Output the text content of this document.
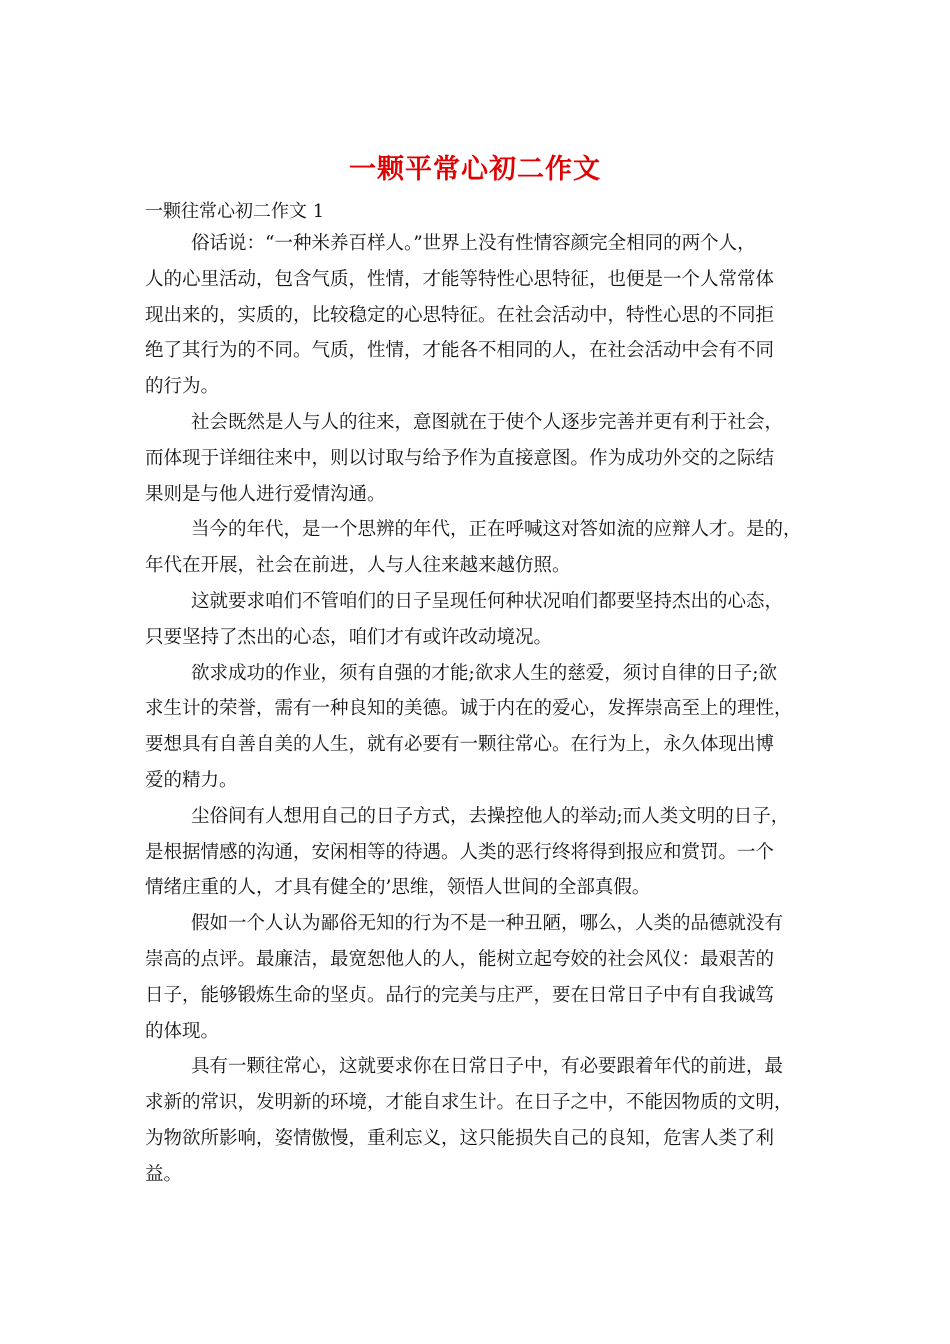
一颗平常心初二作文
一颗往常心初二作文 1
俗话说：“一种米养百样人。”世界上没有性情容颜完全相同的两个人，
人的心里活动，包含气质，性情，才能等特性心思特征，也便是一个人常常体
现出来的，实质的，比较稳定的心思特征。在社会活动中，特性心思的不同拒
绝了其行为的不同。气质，性情，才能各不相同的人，在社会活动中会有不同
的行为。
社会既然是人与人的往来，意图就在于使个人逐步完善并更有利于社会，
而体现于详细往来中，则以讨取与给予作为直接意图。作为成功外交的之际结
果则是与他人进行爱情沟通。
当今的年代，是一个思辨的年代，正在呼喊这对答如流的应辩人才。是的，
年代在开展，社会在前进，人与人往来越来越仿照。
这就要求咱们不管咱们的日子呈现任何种状况咱们都要坚持杰出的心态，
只要坚持了杰出的心态，咱们才有或许改动境况。
欲求成功的作业，须有自强的才能;欲求人生的慈爱，须讨自律的日子;欲
求生计的荣誉，需有一种良知的美德。诚于内在的爱心，发挥崇高至上的理性，
要想具有自善自美的人生，就有必要有一颗往常心。在行为上，永久体现出博
爱的精力。
尘俗间有人想用自己的日子方式，去操控他人的举动;而人类文明的日子，
是根据情感的沟通，安闲相等的待遇。人类的恶行终将得到报应和赏罚。一个
情绪庄重的人，才具有健全的’思维，领悟人世间的全部真假。
假如一个人认为鄙俗无知的行为不是一种丑陋，哪么，人类的品德就没有
崇高的点评。最廉洁，最宽恕他人的人，能树立起夸姣的社会风仪：最艰苦的
日子，能够锻炼生命的坚贞。品行的完美与庄严，要在日常日子中有自我诚笃
的体现。
具有一颗往常心，这就要求你在日常日子中，有必要跟着年代的前进，最
求新的常识，发明新的环境，才能自求生计。在日子之中，不能因物质的文明，
为物欲所影响，姿情傲慢，重利忘义，这只能损失自己的良知，危害人类了利
益。
